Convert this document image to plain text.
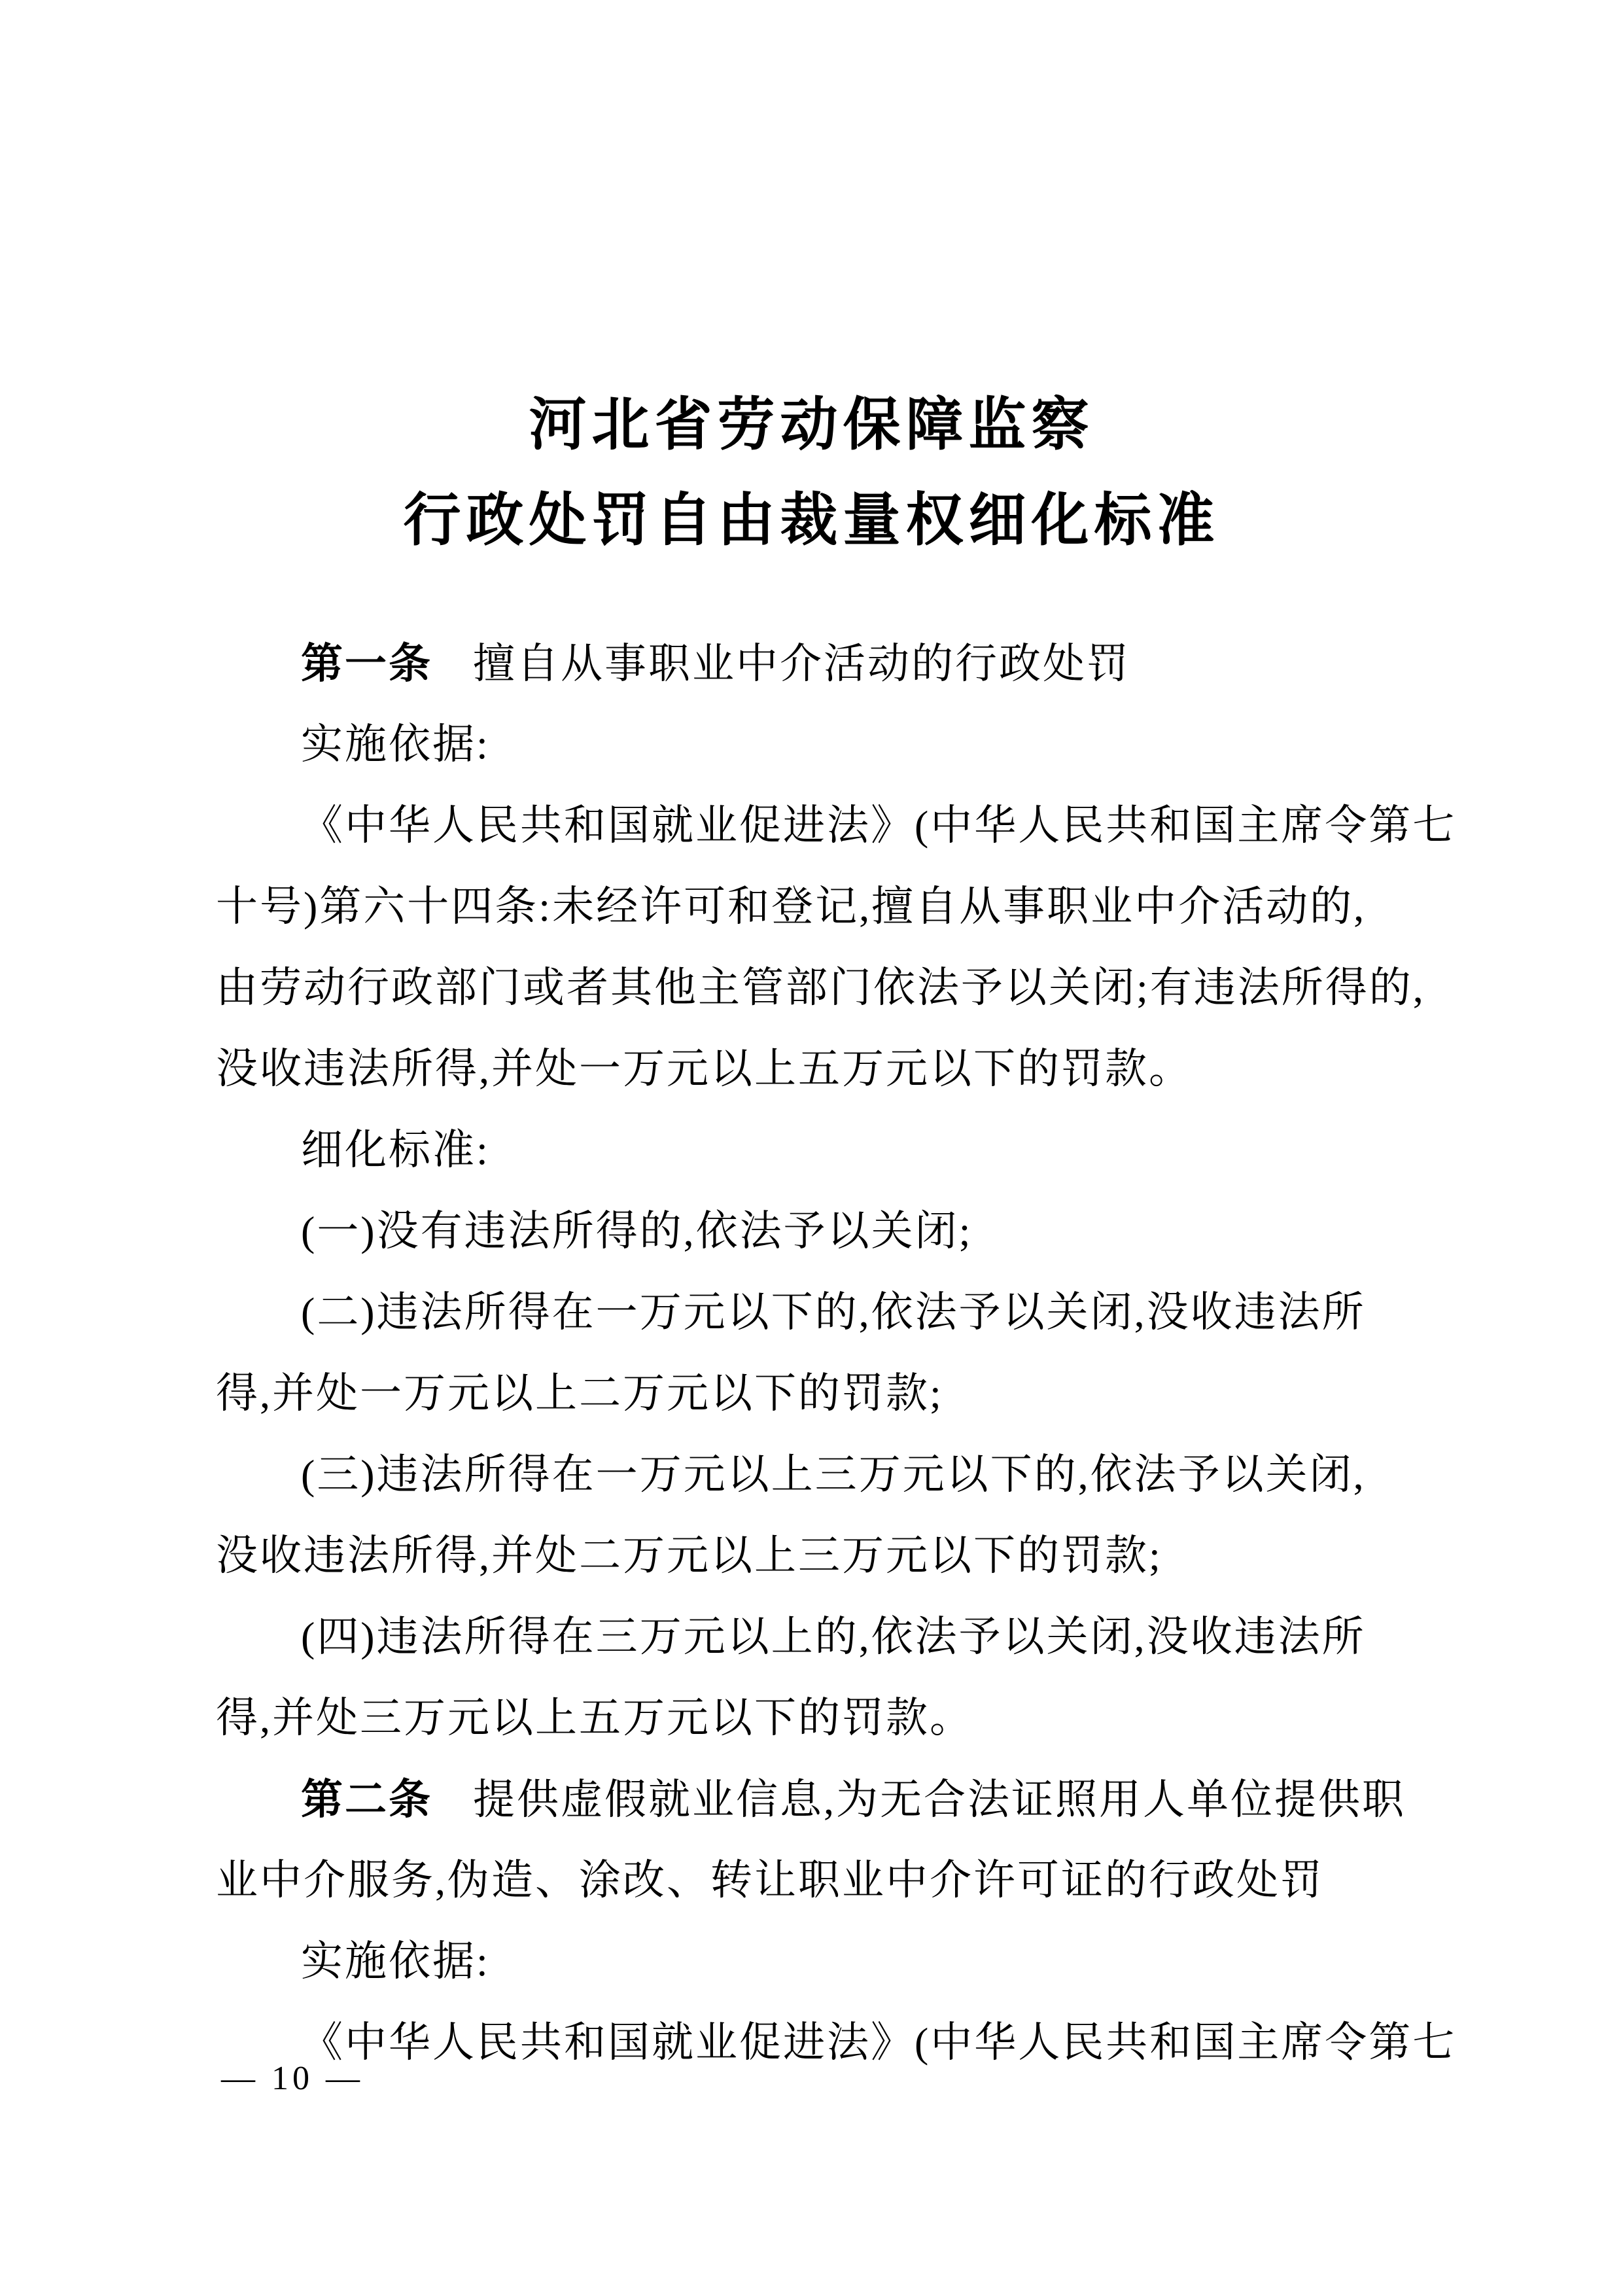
河北省劳动保障监察
行政处罚自由裁量权细化标准
第一条 擅自从事职业中介活动的行政处罚
实施依据:
《中华人民共和国就业促进法》(中华人民共和国主席令第七
十号)第六十四条:未经许可和登记,擅自从事职业中介活动的,
由劳动行政部门或者其他主管部门依法予以关闭;有违法所得的,
没收违法所得,并处一万元以上五万元以下的罚款。
细化标准:
(一)没有违法所得的,依法予以关闭;
(二)违法所得在一万元以下的,依法予以关闭,没收违法所
得,并处一万元以上二万元以下的罚款;
(三)违法所得在一万元以上三万元以下的,依法予以关闭,
没收违法所得,并处二万元以上三万元以下的罚款;
(四)违法所得在三万元以上的,依法予以关闭,没收违法所
得,并处三万元以上五万元以下的罚款。
第二条 提供虚假就业信息,为无合法证照用人单位提供职
业中介服务,伪造、涂改、转让职业中介许可证的行政处罚
实施依据:
《中华人民共和国就业促进法》(中华人民共和国主席令第七
— 10 —
